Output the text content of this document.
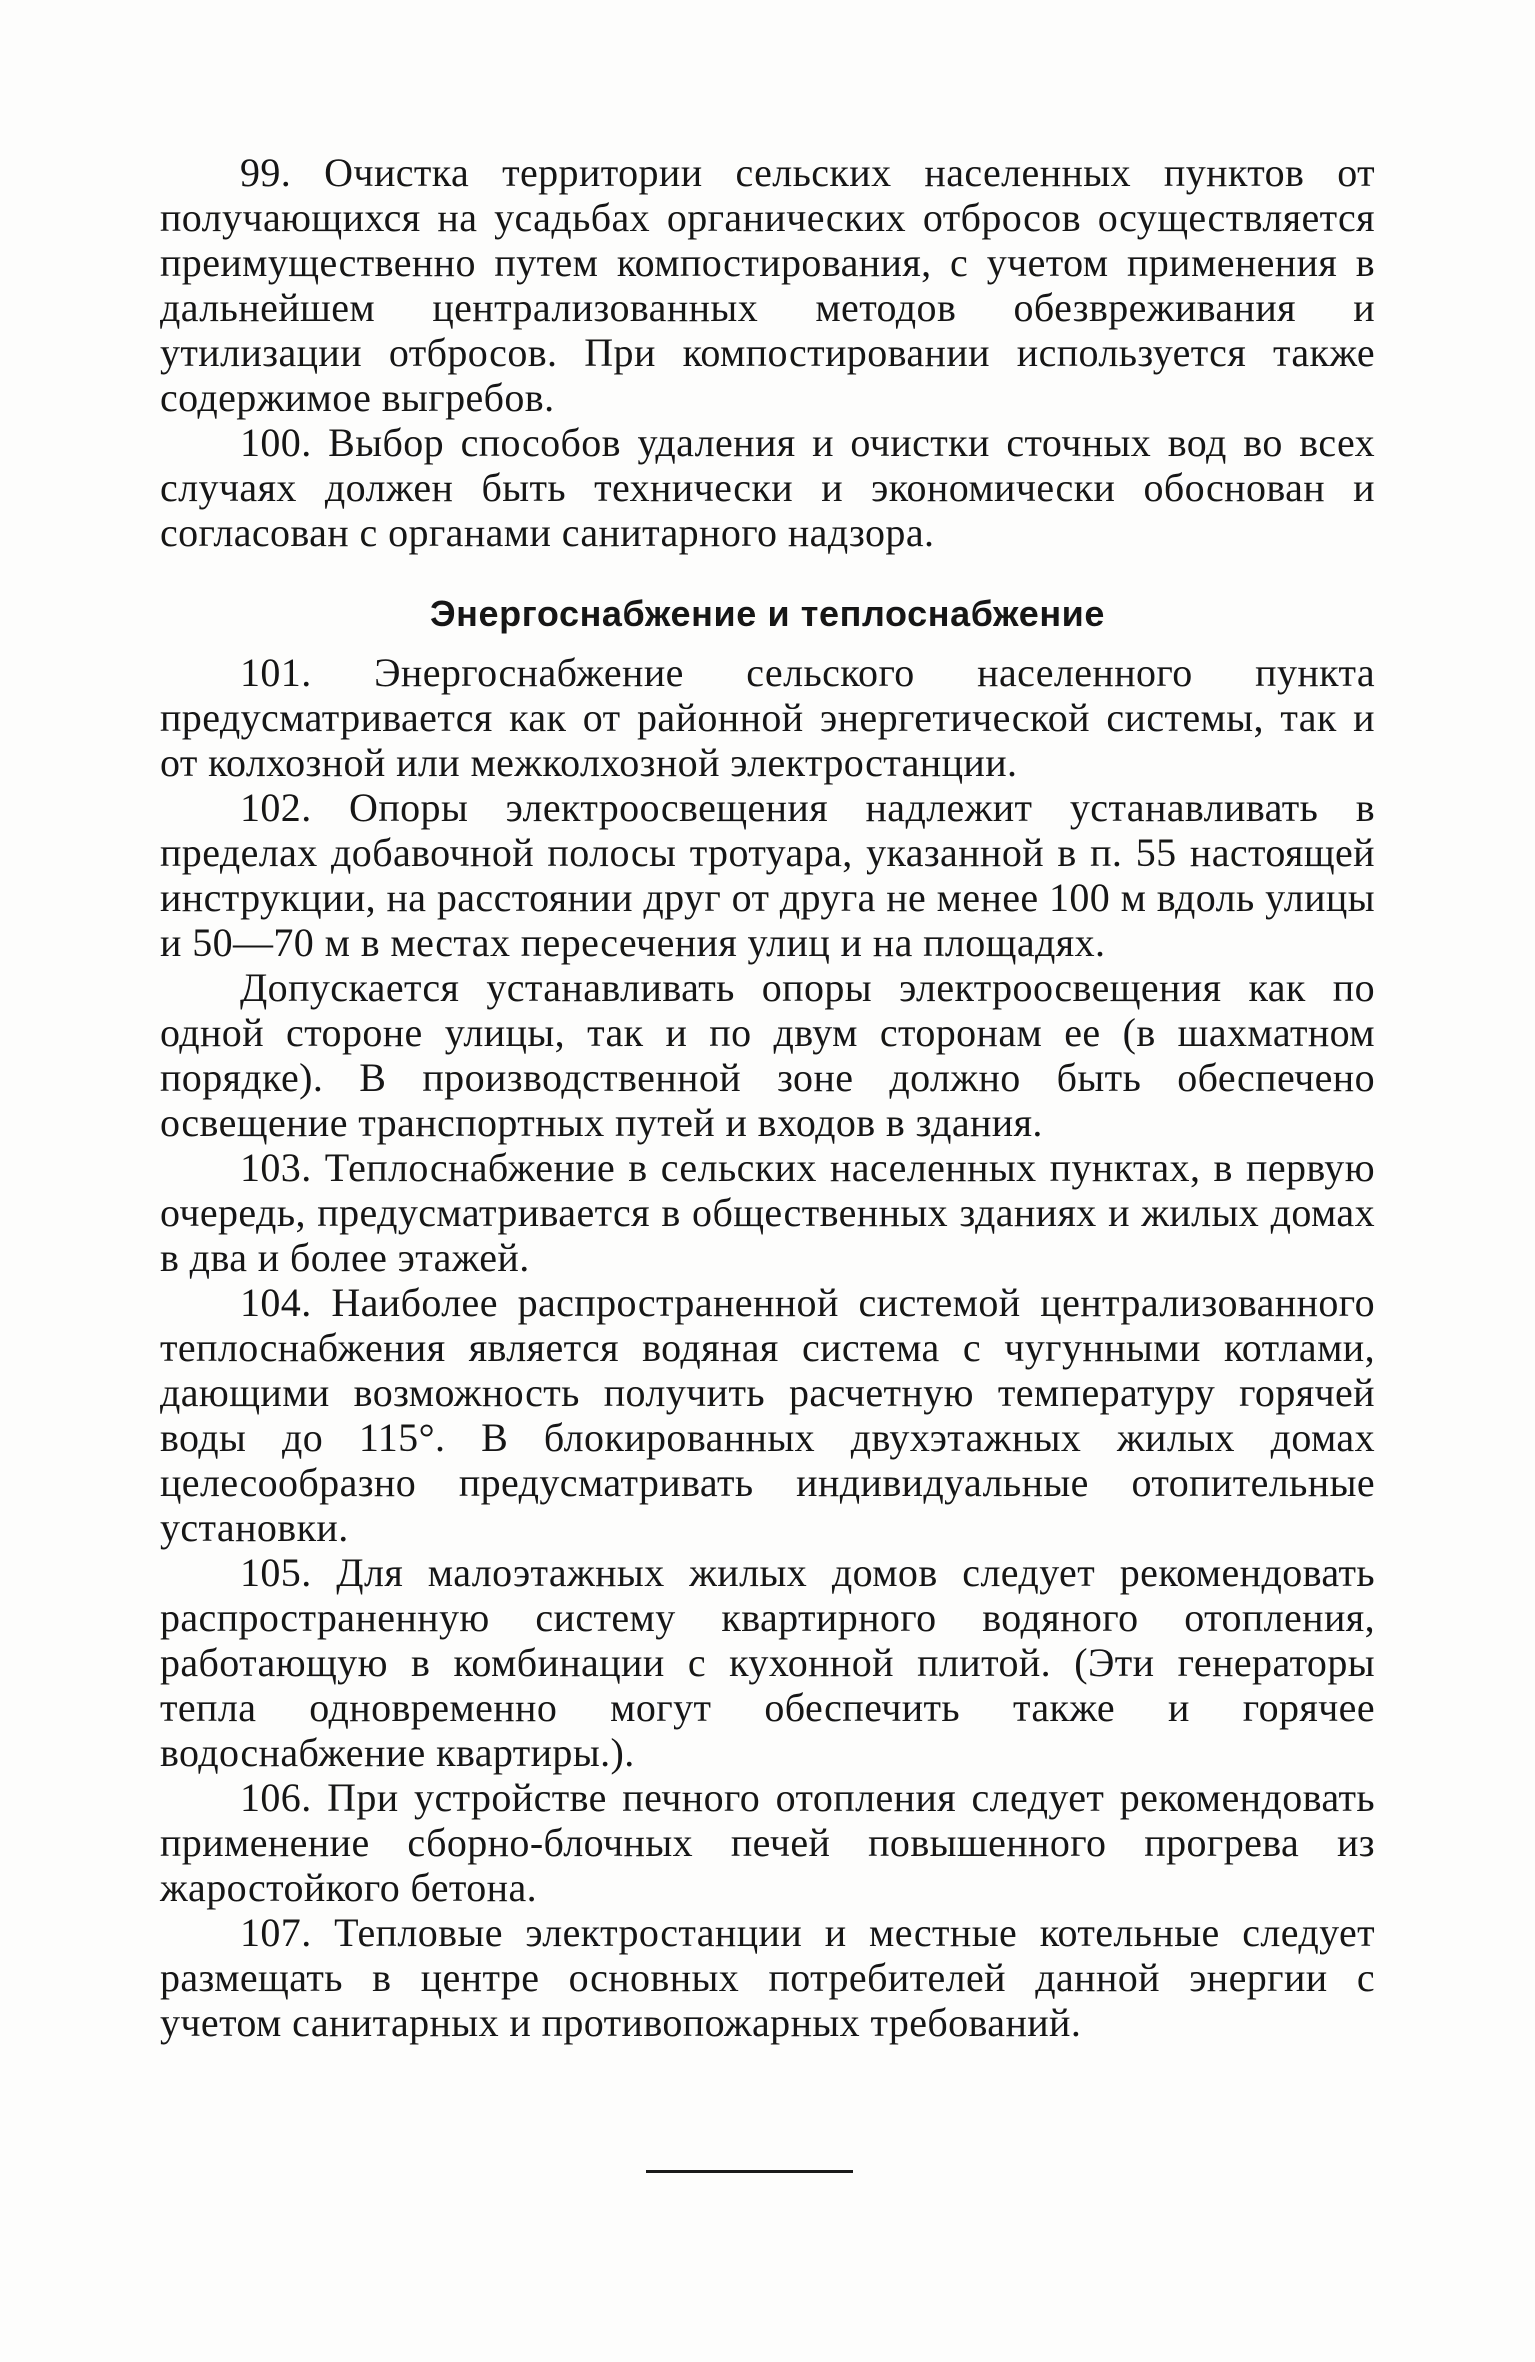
99. Очистка территории сельских населенных пунктов от получающихся на усадьбах органических отбросов осуществляется преимущественно путем компостирования, с учетом применения в дальнейшем централизованных методов обезвреживания и утилизации отбросов. При компостировании используется также содержимое выгребов.

100. Выбор способов удаления и очистки сточных вод во всех случаях должен быть технически и экономически обоснован и согласован с органами санитарного надзора.

Энергоснабжение и теплоснабжение

101. Энергоснабжение сельского населенного пункта предусматривается как от районной энергетической системы, так и от колхозной или межколхозной электростанции.

102. Опоры электроосвещения надлежит устанавливать в пределах добавочной полосы тротуара, указанной в п. 55 настоящей инструкции, на расстоянии друг от друга не менее 100 м вдоль улицы и 50—70 м в местах пересечения улиц и на площадях.

Допускается устанавливать опоры электроосвещения как по одной стороне улицы, так и по двум сторонам ее (в шахматном порядке). В производственной зоне должно быть обеспечено освещение транспортных путей и входов в здания.

103. Теплоснабжение в сельских населенных пунктах, в первую очередь, предусматривается в общественных зданиях и жилых домах в два и более этажей.

104. Наиболее распространенной системой централизованного теплоснабжения является водяная система с чугунными котлами, дающими возможность получить расчетную температуру горячей воды до 115°. В блокированных двухэтажных жилых домах целесообразно предусматривать индивидуальные отопительные установки.

105. Для малоэтажных жилых домов следует рекомендовать распространенную систему квартирного водяного отопления, работающую в комбинации с кухонной плитой. (Эти генераторы тепла одновременно могут обеспечить также и горячее водоснабжение квартиры.).

106. При устройстве печного отопления следует рекомендовать применение сборно-блочных печей повышенного прогрева из жаростойкого бетона.

107. Тепловые электростанции и местные котельные следует размещать в центре основных потребителей данной энергии с учетом санитарных и противопожарных требований.
